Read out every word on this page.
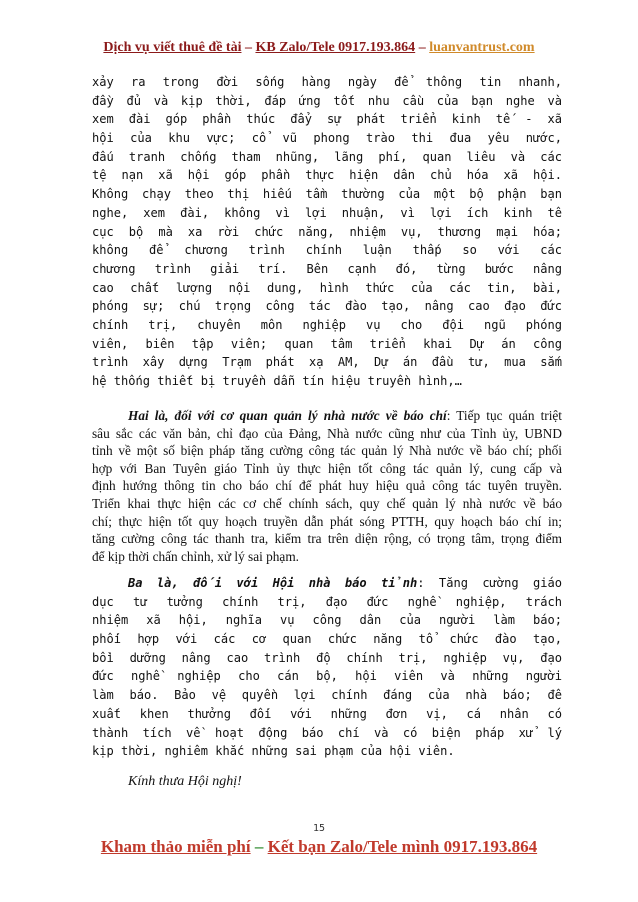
Dịch vụ viết thuê đề tài – KB Zalo/Tele 0917.193.864 – luanvantrust.com
xảy ra trong đời sống hàng ngày để thông tin nhanh,
đầy đủ và kịp thời, đáp ứng tốt nhu cầu của bạn nghe và
xem đài góp phần thúc đẩy sự phát triển kinh tế - xã
hội của khu vực; cổ vũ phong trào thi đua yêu nước,
đấu tranh chống tham nhũng, lãng phí, quan liêu và các
tệ nạn xã hội góp phần thực hiện dân chủ hóa xã hội.
Không chạy theo thị hiếu tầm thường của một bộ phận bạn
nghe, xem đài, không vì lợi nhuận, vì lợi ích kinh tế
cục bộ mà xa rời chức năng, nhiệm vụ, thương mại hóa;
không để chương trình chính luận thấp so với các
chương trình giải trí. Bên cạnh đó, từng bước nâng
cao chất lượng nội dung, hình thức của các tin, bài,
phóng sự; chú trọng công tác đào tạo, nâng cao đạo đức
chính trị, chuyên môn nghiệp vụ cho đội ngũ phóng
viên, biên tập viên; quan tâm triển khai Dự án công
trình xây dựng Trạm phát xạ AM, Dự án đầu tư, mua sắm
hệ thống thiết bị truyền dẫn tín hiệu truyền hình,…
Hai là, đối với cơ quan quản lý nhà nước về báo chí: Tiếp tục quán triệt
sâu sắc các văn bản, chỉ đạo của Đảng, Nhà nước cũng như của Tỉnh ủy, UBND
tỉnh về một số biện pháp tăng cường công tác quản lý Nhà nước về báo chí; phối
hợp với Ban Tuyên giáo Tỉnh ủy thực hiện tốt công tác quản lý, cung cấp và
định hướng thông tin cho báo chí để phát huy hiệu quả công tác tuyên truyền.
Triển khai thực hiện các cơ chế chính sách, quy chế quản lý nhà nước về báo
chí; thực hiện tốt quy hoạch truyền dẫn phát sóng PTTH, quy hoạch báo chí in;
tăng cường công tác thanh tra, kiểm tra trên diện rộng, có trọng tâm, trọng điểm
để kịp thời chấn chỉnh, xử lý sai phạm.
Ba là, đối với Hội nhà báo tỉnh: Tăng cường giáo
dục tư tưởng chính trị, đạo đức nghề nghiệp, trách
nhiệm xã hội, nghĩa vụ công dân của người làm báo;
phối hợp với các cơ quan chức năng tổ chức đào tạo,
bồi dưỡng nâng cao trình độ chính trị, nghiệp vụ, đạo
đức nghề nghiệp cho cán bộ, hội viên và những người
làm báo. Bảo vệ quyền lợi chính đáng của nhà báo; đề
xuất khen thưởng đối với những đơn vị, cá nhân có
thành tích về hoạt động báo chí và có biện pháp xử lý
kịp thời, nghiêm khắc những sai phạm của hội viên.
Kính thưa Hội nghị!
15
Kham thảo miễn phí – Kết bạn Zalo/Tele mình 0917.193.864
